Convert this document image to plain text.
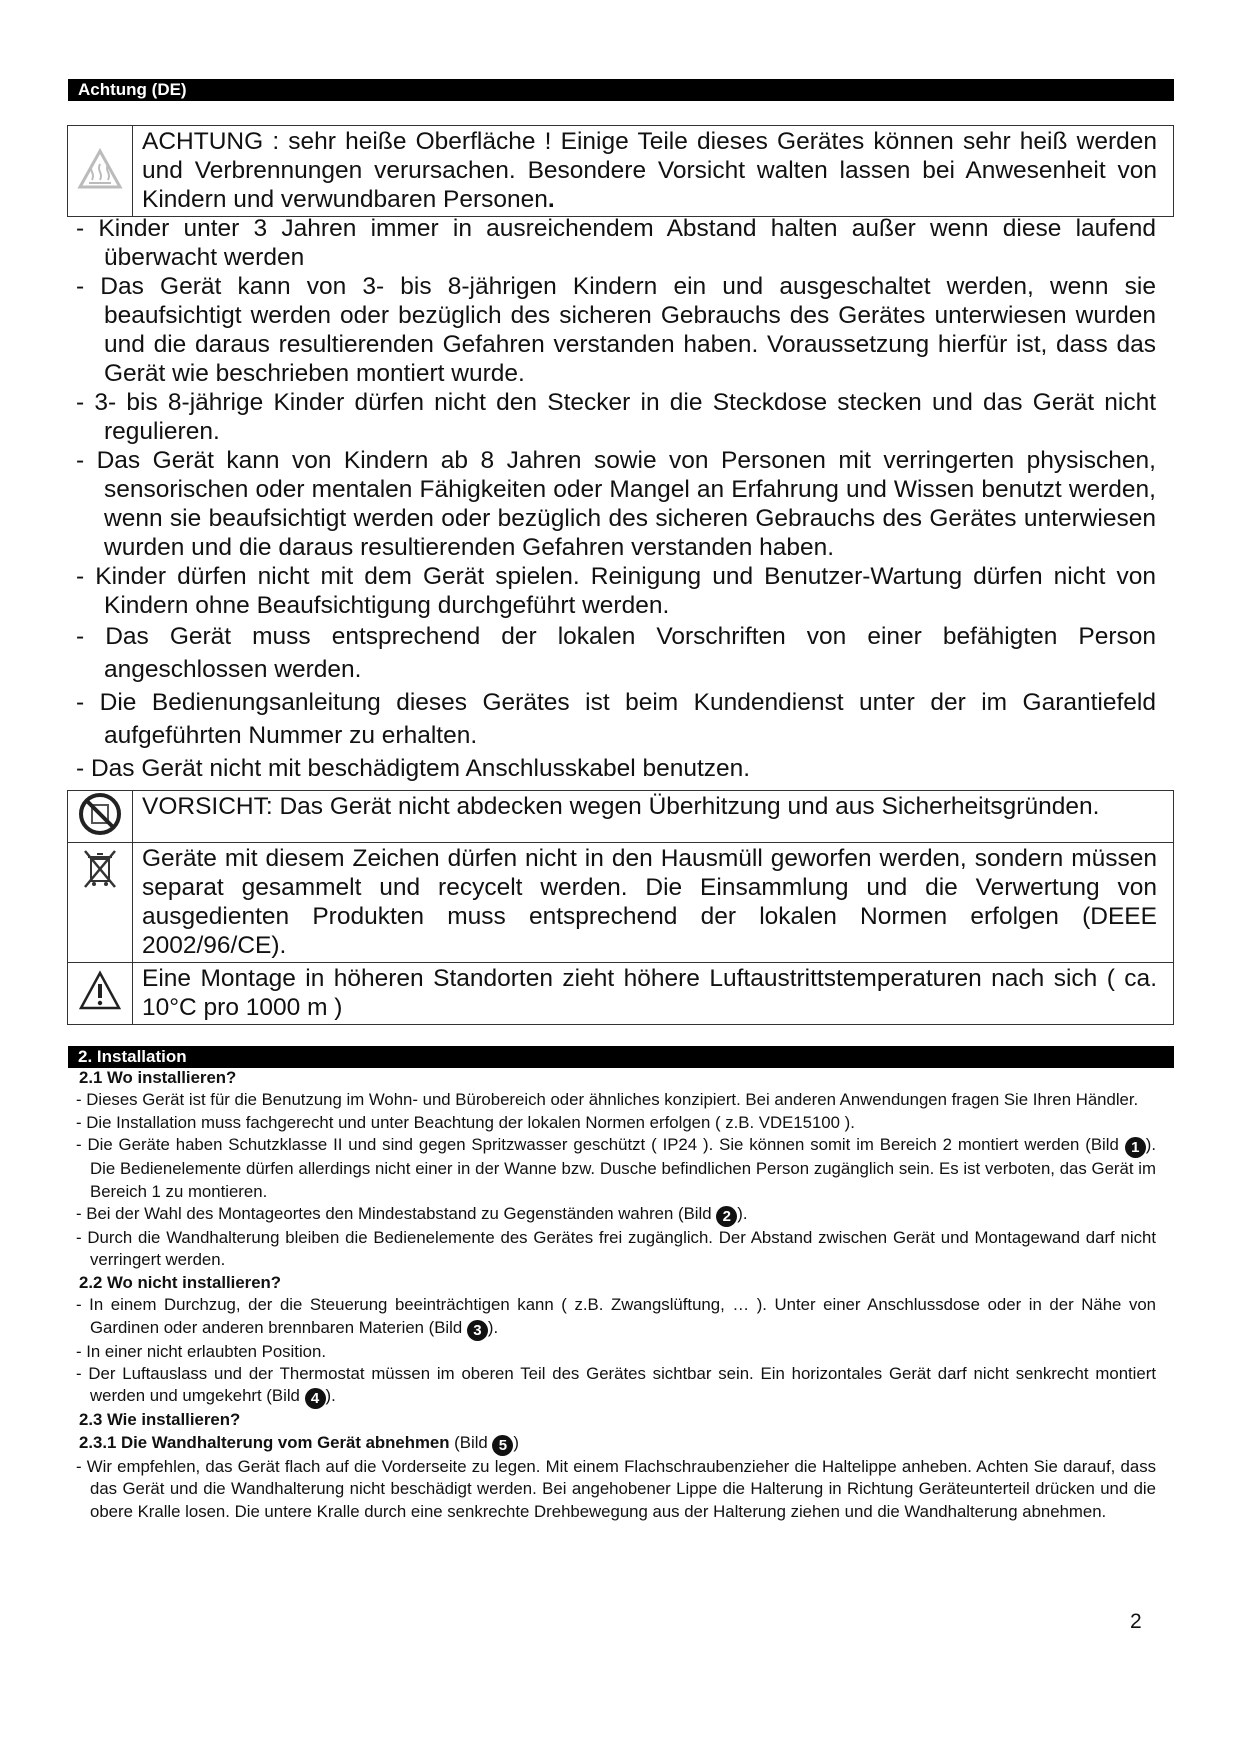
Achtung (DE)
	ACHTUNG : sehr heiße Oberfläche ! Einige Teile dieses Gerätes können sehr heiß werden und Verbrennungen verursachen. Besondere Vorsicht walten lassen bei Anwesenheit von Kindern und verwundbaren Personen.
- Kinder unter 3 Jahren immer in ausreichendem Abstand halten außer wenn diese laufend überwacht werden
- Das Gerät kann von 3- bis 8-jährigen Kindern ein und ausgeschaltet werden, wenn sie beaufsichtigt werden oder bezüglich des sicheren Gebrauchs des Gerätes unterwiesen wurden und die daraus resultierenden Gefahren verstanden haben. Voraussetzung hierfür ist, dass das Gerät wie beschrieben montiert wurde.
- 3- bis 8-jährige Kinder dürfen nicht den Stecker in die Steckdose stecken und das Gerät nicht regulieren.
- Das Gerät kann von Kindern ab 8 Jahren sowie von Personen mit verringerten physischen, sensorischen oder mentalen Fähigkeiten oder Mangel an Erfahrung und Wissen benutzt werden, wenn sie beaufsichtigt werden oder bezüglich des sicheren Gebrauchs des Gerätes unterwiesen wurden und die daraus resultierenden Gefahren verstanden haben.
- Kinder dürfen nicht mit dem Gerät spielen. Reinigung und Benutzer-Wartung dürfen nicht von Kindern ohne Beaufsichtigung durchgeführt werden.
- Das Gerät muss entsprechend der lokalen Vorschriften von einer befähigten Person angeschlossen werden.
- Die Bedienungsanleitung dieses Gerätes ist beim Kundendienst unter der im Garantiefeld aufgeführten Nummer zu erhalten.
- Das Gerät nicht mit beschädigtem Anschlusskabel benutzen.
	VORSICHT: Das Gerät nicht abdecken wegen Überhitzung und aus Sicherheitsgründen.
	Geräte mit diesem Zeichen dürfen nicht in den Hausmüll geworfen werden, sondern müssen separat gesammelt und recycelt werden. Die Einsammlung und die Verwertung von ausgedienten Produkten muss entsprechend der lokalen Normen erfolgen (DEEE 2002/96/CE).
	Eine Montage in höheren Standorten zieht höhere Luftaustrittstemperaturen nach sich ( ca. 10°C pro 1000 m )
2. Installation
2.1 Wo installieren?
- Dieses Gerät ist für die Benutzung im Wohn- und Bürobereich oder ähnliches konzipiert. Bei anderen Anwendungen fragen Sie Ihren Händler.
- Die Installation muss fachgerecht und unter Beachtung der lokalen Normen erfolgen ( z.B. VDE15100 ).
- Die Geräte haben Schutzklasse II und sind gegen Spritzwasser geschützt ( IP24 ). Sie können somit im Bereich 2 montiert werden (Bild 1 ). Die Bedienelemente dürfen allerdings nicht einer in der Wanne bzw. Dusche befindlichen Person zugänglich sein. Es ist verboten, das Gerät im Bereich 1 zu montieren.
- Bei der Wahl des Montageortes den Mindestabstand zu Gegenständen wahren (Bild 2 ).
- Durch die Wandhalterung bleiben die Bedienelemente des Gerätes frei zugänglich. Der Abstand zwischen Gerät und Montagewand darf nicht verringert werden.
2.2 Wo nicht installieren?
- In einem Durchzug, der die Steuerung beeinträchtigen kann ( z.B. Zwangslüftung, … ). Unter einer Anschlussdose oder in der Nähe von Gardinen oder anderen brennbaren Materien (Bild 3 ).
- In einer nicht erlaubten Position.
- Der Luftauslass und der Thermostat müssen im oberen Teil des Gerätes sichtbar sein. Ein horizontales Gerät darf nicht senkrecht montiert werden und umgekehrt (Bild 4 ).
2.3 Wie installieren?
2.3.1 Die Wandhalterung vom Gerät abnehmen (Bild 5 )
- Wir empfehlen, das Gerät flach auf die Vorderseite zu legen. Mit einem Flachschraubenzieher die Haltelippe anheben. Achten Sie darauf, dass das Gerät und die Wandhalterung nicht beschädigt werden. Bei angehobener Lippe die Halterung in Richtung Geräteunterteil drücken und die obere Kralle losen. Die untere Kralle durch eine senkrechte Drehbewegung aus der Halterung ziehen und die Wandhalterung abnehmen.
2
